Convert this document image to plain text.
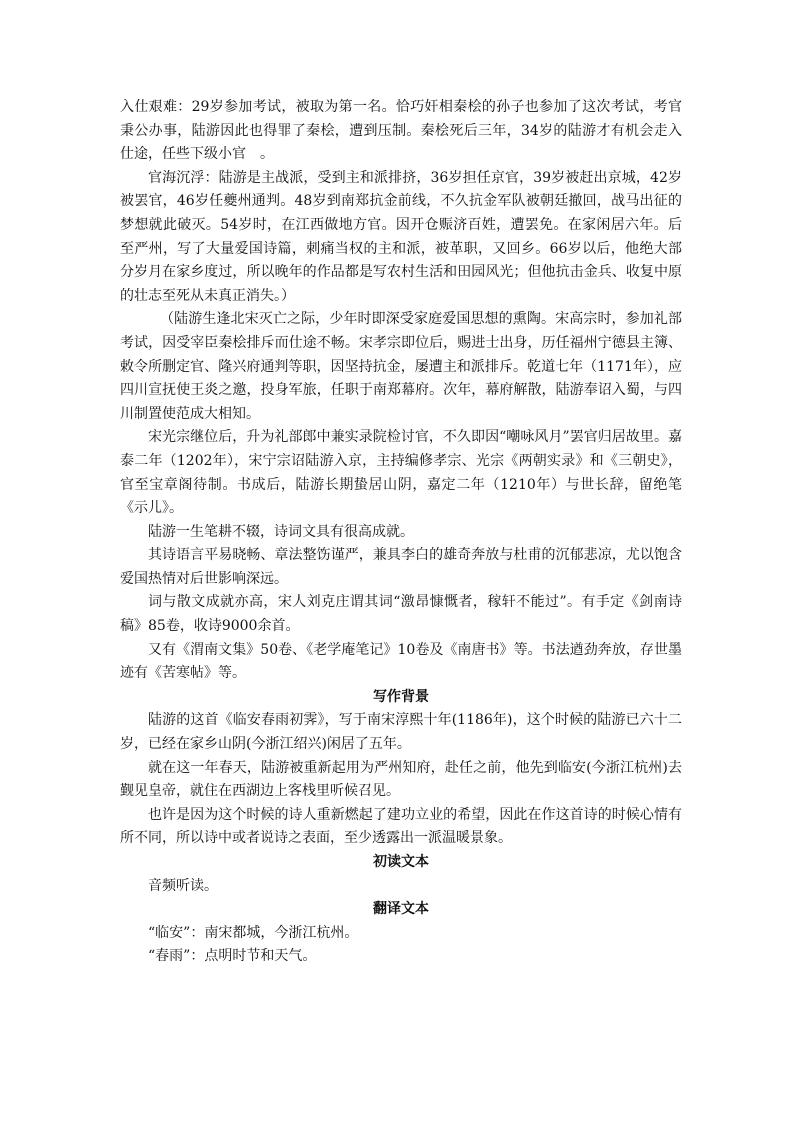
入仕艰难：29岁参加考试，被取为第一名。恰巧奸相秦桧的孙子也参加了这次考试，考官秉公办事，陆游因此也得罪了秦桧，遭到压制。秦桧死后三年，34岁的陆游才有机会走入仕途，任些下级小官　。

官海沉浮：陆游是主战派，受到主和派排挤，36岁担任京官，39岁被赶出京城，42岁被罢官，46岁任夔州通判。48岁到南郑抗金前线，不久抗金军队被朝廷撤回，战马出征的梦想就此破灭。54岁时，在江西做地方官。因开仓赈济百姓，遭罢免。在家闲居六年。后至严州，写了大量爱国诗篇，刺痛当权的主和派，被革职，又回乡。66岁以后，他绝大部分岁月在家乡度过，所以晚年的作品都是写农村生活和田园风光；但他抗击金兵、收复中原的壮志至死从未真正消失。）

（陆游生逢北宋灭亡之际，少年时即深受家庭爱国思想的熏陶。宋高宗时，参加礼部考试，因受宰臣秦桧排斥而仕途不畅。宋孝宗即位后，赐进士出身，历任福州宁德县主簿、敕令所删定官、隆兴府通判等职，因坚持抗金，屡遭主和派排斥。乾道七年（1171年），应四川宣抚使王炎之邀，投身军旅，任职于南郑幕府。次年，幕府解散，陆游奉诏入蜀，与四川制置使范成大相知。

宋光宗继位后，升为礼部郎中兼实录院检讨官，不久即因“嘲咏风月”罢官归居故里。嘉泰二年（1202年），宋宁宗诏陆游入京，主持编修孝宗、光宗《两朝实录》和《三朝史》，官至宝章阁待制。书成后，陆游长期蛰居山阴，嘉定二年（1210年）与世长辞，留绝笔《示儿》。

陆游一生笔耕不辍，诗词文具有很高成就。

其诗语言平易晓畅、章法整饬谨严，兼具李白的雄奇奔放与杜甫的沉郁悲凉，尤以饱含爱国热情对后世影响深远。

词与散文成就亦高，宋人刘克庄谓其词“激昂慷慨者，稼轩不能过”。有手定《剑南诗稿》85卷，收诗9000余首。

又有《渭南文集》50卷、《老学庵笔记》10卷及《南唐书》等。书法遒劲奔放，存世墨迹有《苦寒帖》等。

写作背景

陆游的这首《临安春雨初霁》，写于南宋淳熙十年(1186年)，这个时候的陆游已六十二岁，已经在家乡山阴(今浙江绍兴)闲居了五年。

就在这一年春天，陆游被重新起用为严州知府，赴任之前，他先到临安(今浙江杭州)去觐见皇帝，就住在西湖边上客栈里听候召见。

也许是因为这个时候的诗人重新燃起了建功立业的希望，因此在作这首诗的时候心情有所不同，所以诗中或者说诗之表面，至少透露出一派温暖景象。

初读文本

音频听读。

翻译文本

“临安”：南宋都城，今浙江杭州。

“春雨”：点明时节和天气。
